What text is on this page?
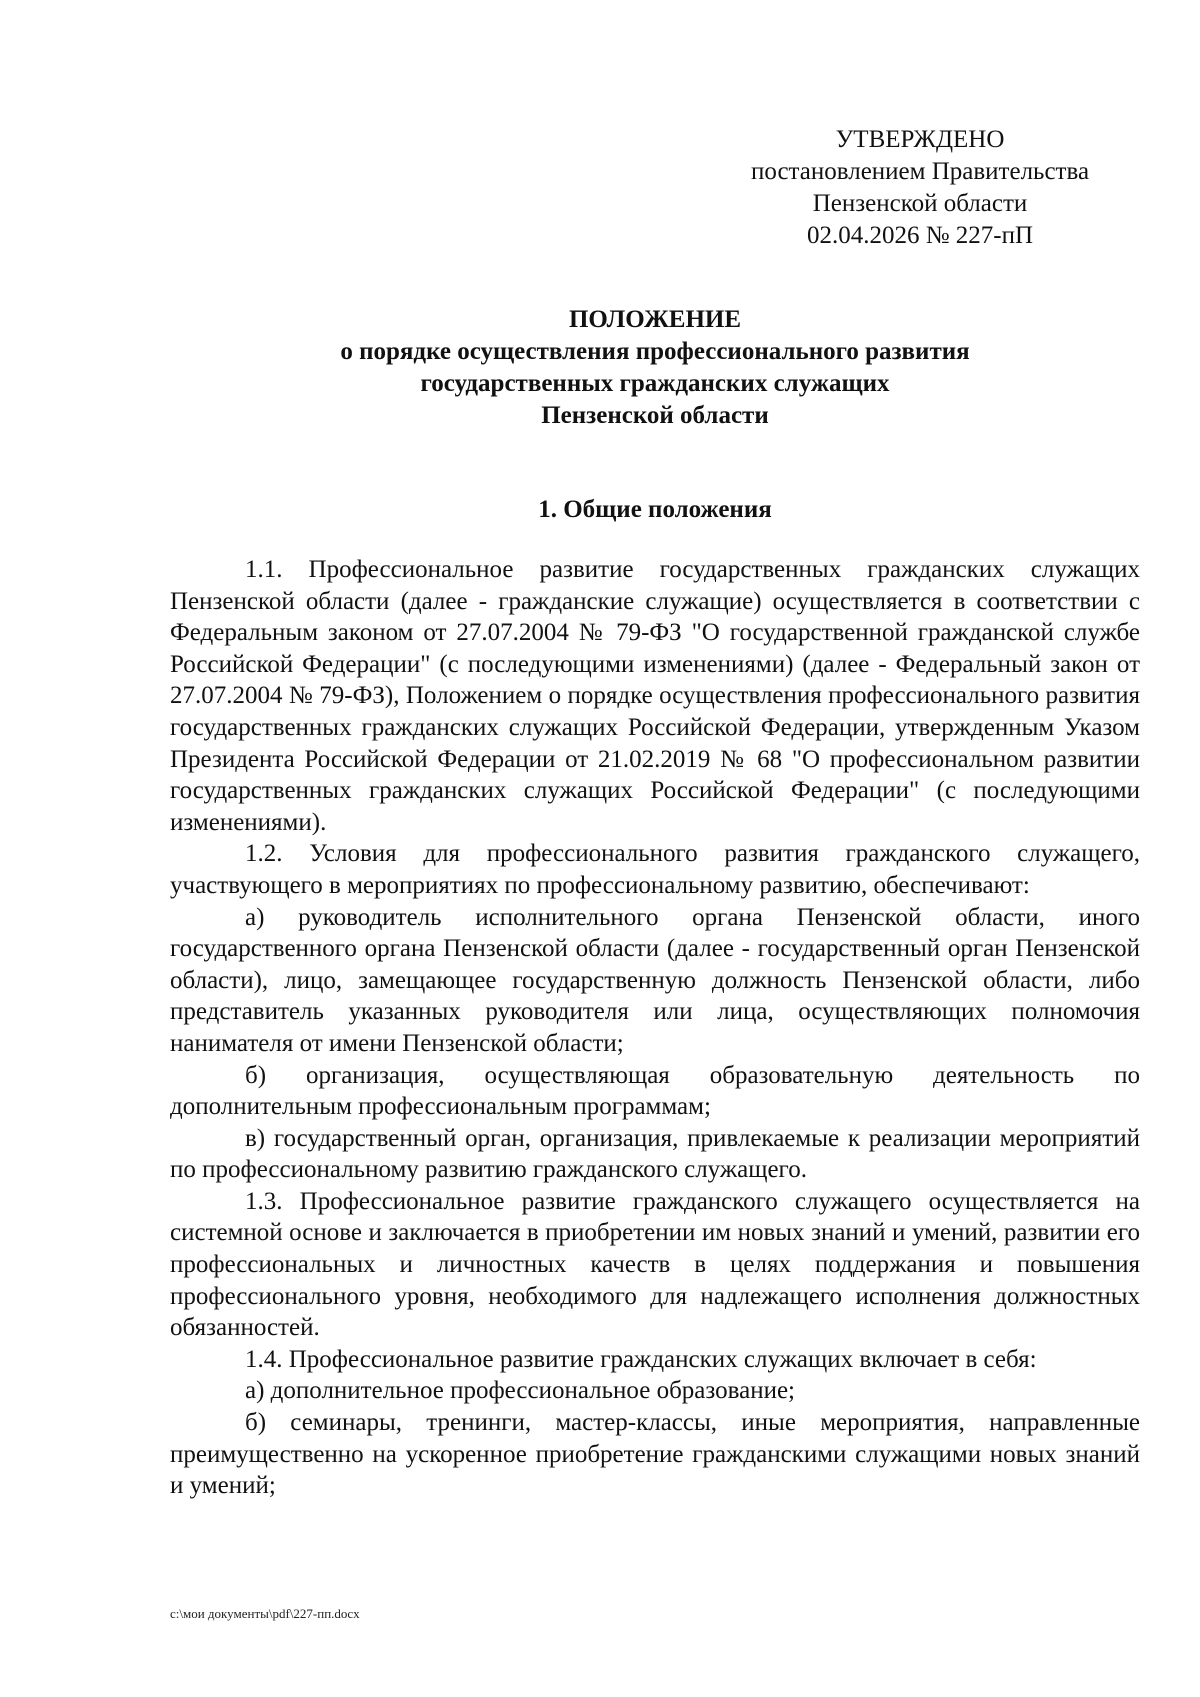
УТВЕРЖДЕНО
постановлением Правительства
Пензенской области
02.04.2026 № 227-пП
ПОЛОЖЕНИЕ
о порядке осуществления профессионального развития
государственных гражданских служащих
Пензенской области
1. Общие положения

1.1. Профессиональное развитие государственных гражданских служащих Пензенской области (далее - гражданские служащие) осуществляется в соответствии с Федеральным законом от 27.07.2004 № 79-ФЗ "О государственной гражданской службе Российской Федерации" (с последующими изменениями) (далее - Федеральный закон от 27.07.2004 № 79-ФЗ), Положением о порядке осуществления профессионального развития государственных гражданских служащих Российской Федерации, утвержденным Указом Президента Российской Федерации от 21.02.2019 № 68 "О профессиональном развитии государственных гражданских служащих Российской Федерации" (с последующими изменениями).

1.2. Условия для профессионального развития гражданского служащего, участвующего в мероприятиях по профессиональному развитию, обеспечивают:

а) руководитель исполнительного органа Пензенской области, иного государственного органа Пензенской области (далее - государственный орган Пензенской области), лицо, замещающее государственную должность Пензенской области, либо представитель указанных руководителя или лица, осуществляющих полномочия нанимателя от имени Пензенской области;

б) организация, осуществляющая образовательную деятельность по дополнительным профессиональным программам;

в) государственный орган, организация, привлекаемые к реализации мероприятий по профессиональному развитию гражданского служащего.

1.3. Профессиональное развитие гражданского служащего осуществляется на системной основе и заключается в приобретении им новых знаний и умений, развитии его профессиональных и личностных качеств в целях поддержания и повышения профессионального уровня, необходимого для надлежащего исполнения должностных обязанностей.

1.4. Профессиональное развитие гражданских служащих включает в себя:

а) дополнительное профессиональное образование;

б) семинары, тренинги, мастер-классы, иные мероприятия, направленные преимущественно на ускоренное приобретение гражданскими служащими новых знаний и умений;

c:\мои документы\pdf\227-пп.docx
